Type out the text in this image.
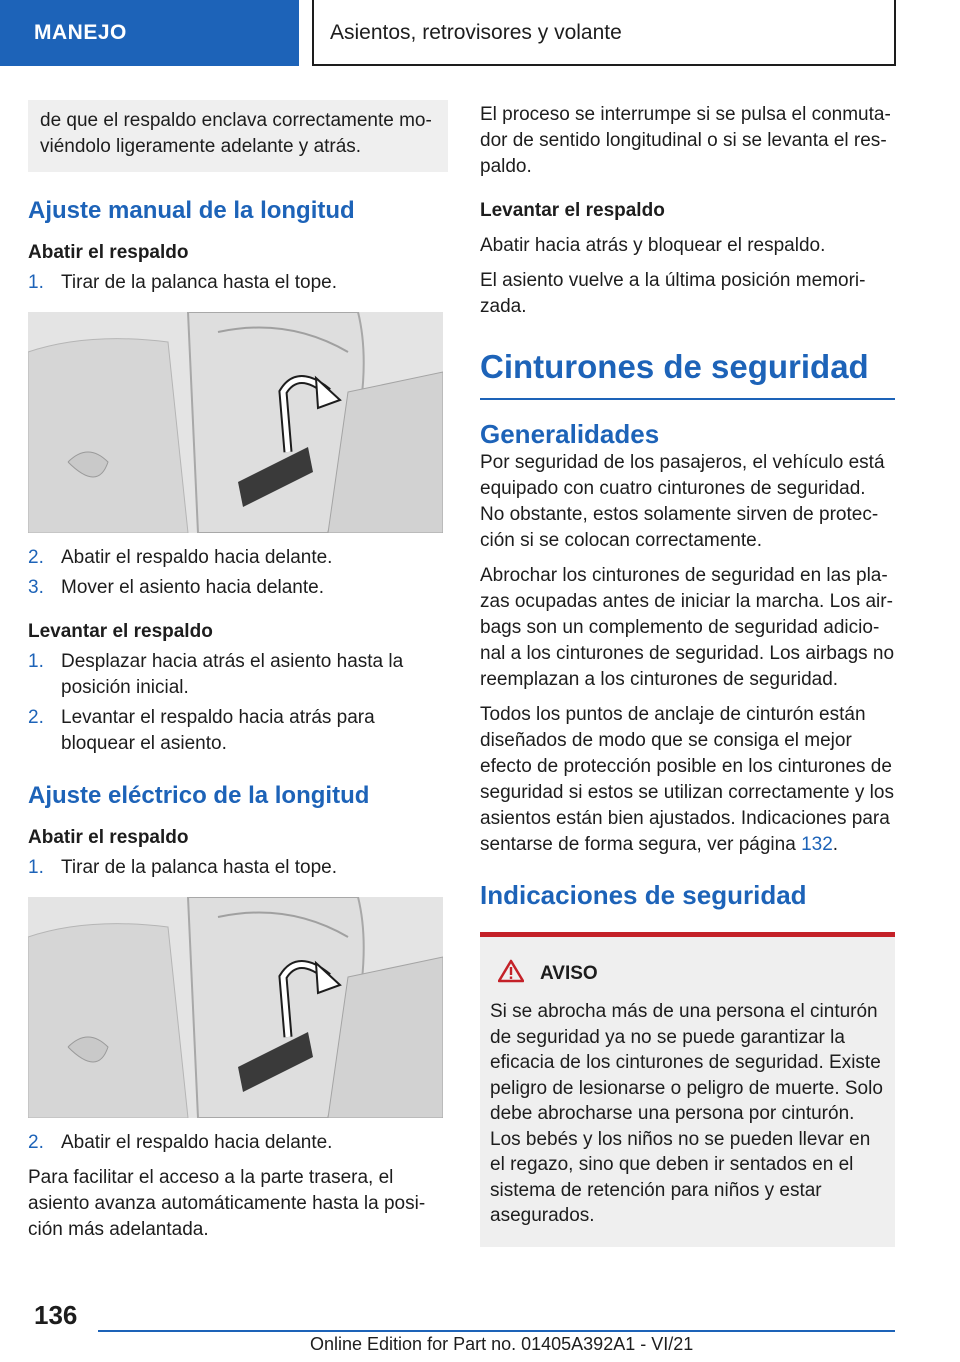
MANEJO	Asientos, retrovisores y volante

de que el respaldo enclava correctamente moviéndolo ligeramente adelante y atrás.

Ajuste manual de la longitud
Abatir el respaldo
1. Tirar de la palanca hasta el tope.
2. Abatir el respaldo hacia delante.
3. Mover el asiento hacia delante.
Levantar el respaldo
1. Desplazar hacia atrás el asiento hasta la posición inicial.
2. Levantar el respaldo hacia atrás para bloquear el asiento.
Ajuste eléctrico de la longitud
Abatir el respaldo
1. Tirar de la palanca hasta el tope.
2. Abatir el respaldo hacia delante.

Para facilitar el acceso a la parte trasera, el asiento avanza automáticamente hasta la posición más adelantada.

El proceso se interrumpe si se pulsa el conmutador de sentido longitudinal o si se levanta el respaldo.

Levantar el respaldo

Abatir hacia atrás y bloquear el respaldo.

El asiento vuelve a la última posición memorizada.

Cinturones de seguridad
Generalidades

Por seguridad de los pasajeros, el vehículo está equipado con cuatro cinturones de seguridad. No obstante, estos solamente sirven de protección si se colocan correctamente.

Abrochar los cinturones de seguridad en las plazas ocupadas antes de iniciar la marcha. Los airbags son un complemento de seguridad adicional a los cinturones de seguridad. Los airbags no reemplazan a los cinturones de seguridad.

Todos los puntos de anclaje de cinturón están diseñados de modo que se consiga el mejor efecto de protección posible en los cinturones de seguridad si estos se utilizan correctamente y los asientos están bien ajustados. Indicaciones para sentarse de forma segura, ver página 132.

Indicaciones de seguridad
AVISO

Si se abrocha más de una persona el cinturón de seguridad ya no se puede garantizar la eficacia de los cinturones de seguridad. Existe peligro de lesionarse o peligro de muerte. Solo debe abrocharse una persona por cinturón. Los bebés y los niños no se pueden llevar en el regazo, sino que deben ir sentados en el sistema de retención para niños y estar asegurados.

136
Online Edition for Part no. 01405A392A1 - VI/21
